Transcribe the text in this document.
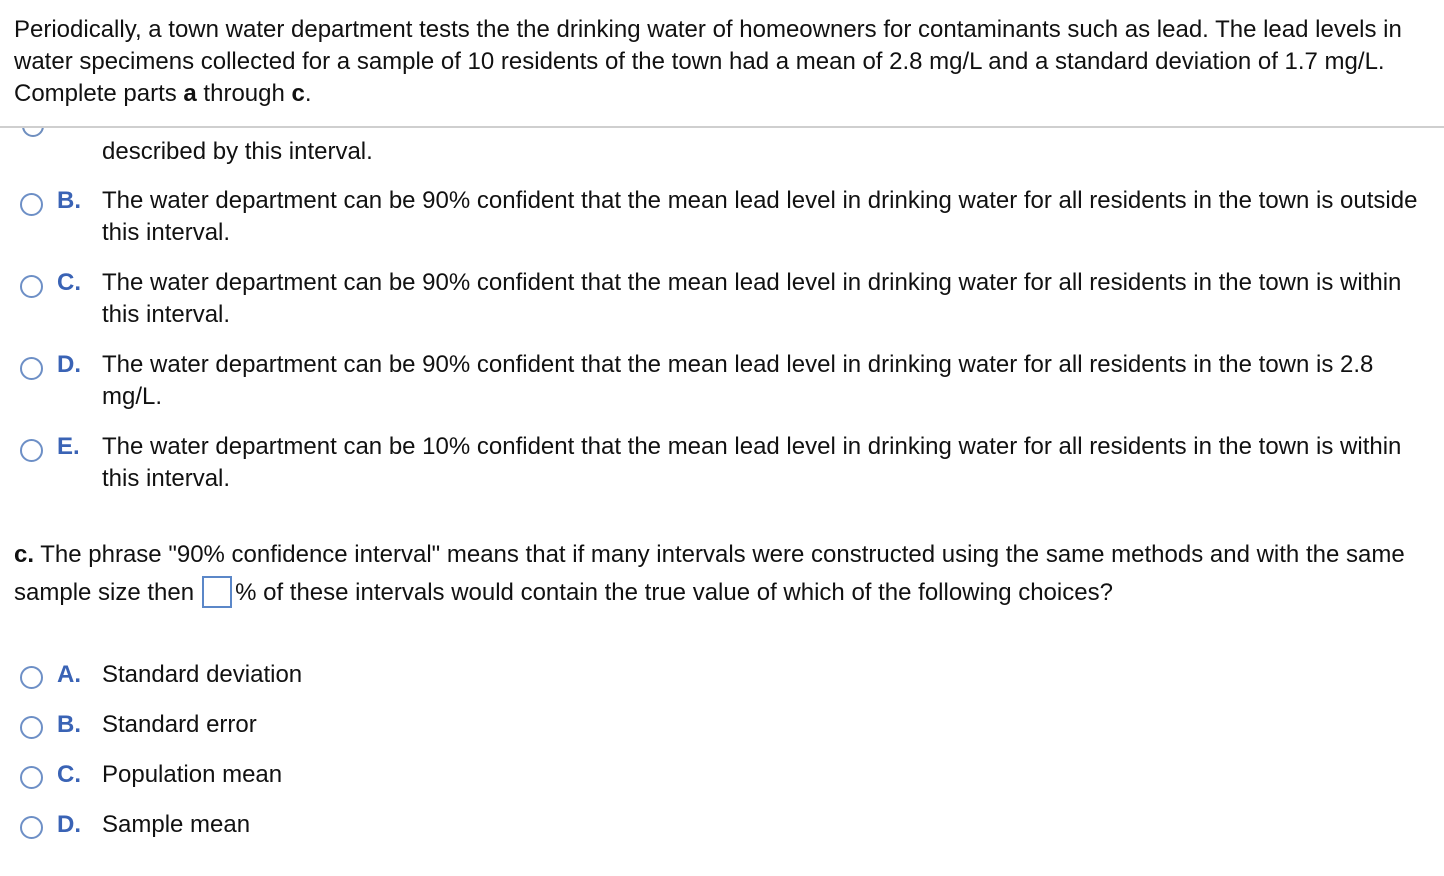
Periodically, a town water department tests the the drinking water of homeowners for contaminants such as lead. The lead levels in water specimens collected for a sample of 10 residents of the town had a mean of 2.8 mg/L and a standard deviation of 1.7 mg/L. Complete parts a through c.
described by this interval.
B. The water department can be 90% confident that the mean lead level in drinking water for all residents in the town is outside this interval.
C. The water department can be 90% confident that the mean lead level in drinking water for all residents in the town is within this interval.
D. The water department can be 90% confident that the mean lead level in drinking water for all residents in the town is 2.8 mg/L.
E. The water department can be 10% confident that the mean lead level in drinking water for all residents in the town is within this interval.
c. The phrase "90% confidence interval" means that if many intervals were constructed using the same methods and with the same sample size then % of these intervals would contain the true value of which of the following choices?
A. Standard deviation
B. Standard error
C. Population mean
D. Sample mean
